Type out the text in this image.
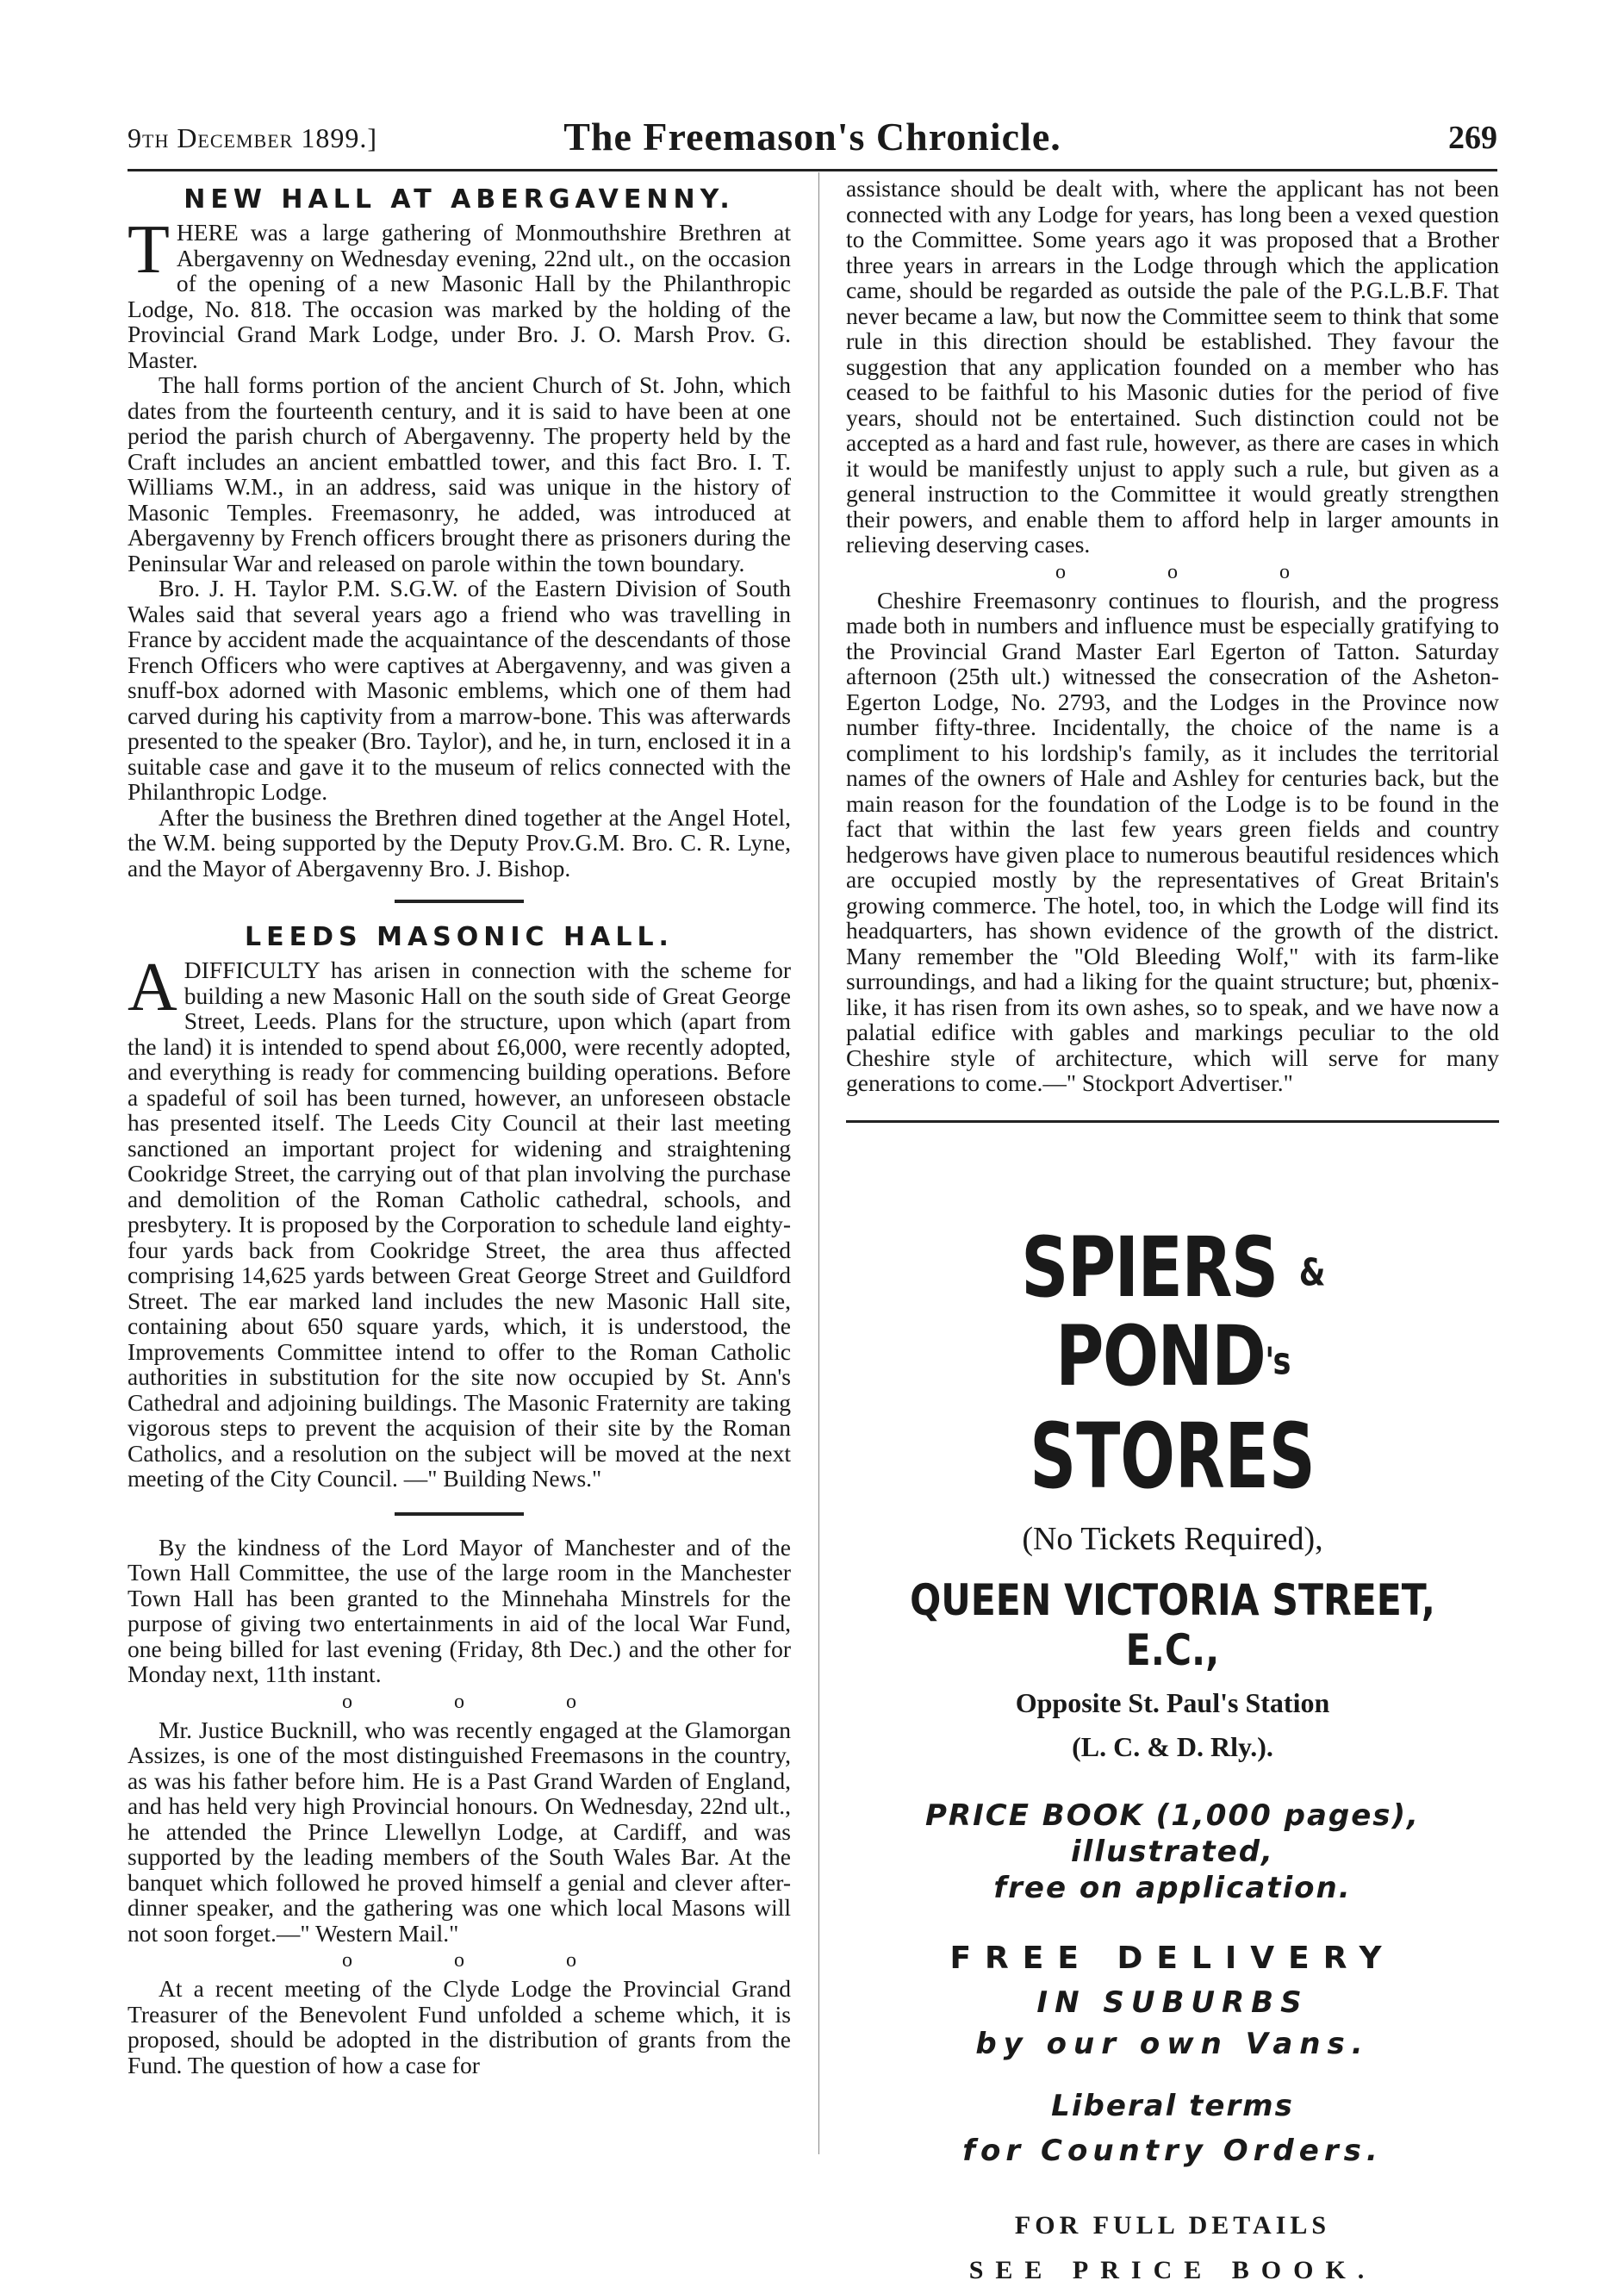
9th December 1899.]	The Freemason's Chronicle.	269
NEW HALL AT ABERGAVENNY.

THERE was a large gathering of Monmouthshire Brethren at Abergavenny on Wednesday evening, 22nd ult., on the occasion of the opening of a new Masonic Hall by the Philanthropic Lodge, No. 818. The occasion was marked by the holding of the Provincial Grand Mark Lodge, under Bro. J. O. Marsh Prov. G. Master.

The hall forms portion of the ancient Church of St. John, which dates from the fourteenth century, and it is said to have been at one period the parish church of Abergavenny. The property held by the Craft includes an ancient embattled tower, and this fact Bro. I. T. Williams W.M., in an address, said was unique in the history of Masonic Temples. Freemasonry, he added, was introduced at Abergavenny by French officers brought there as prisoners during the Peninsular War and released on parole within the town boundary.

Bro. J. H. Taylor P.M. S.G.W. of the Eastern Division of South Wales said that several years ago a friend who was travelling in France by accident made the acquaintance of the descendants of those French Officers who were captives at Abergavenny, and was given a snuff-box adorned with Masonic emblems, which one of them had carved during his captivity from a marrow-bone. This was afterwards presented to the speaker (Bro. Taylor), and he, in turn, enclosed it in a suitable case and gave it to the museum of relics connected with the Philanthropic Lodge.

After the business the Brethren dined together at the Angel Hotel, the W.M. being supported by the Deputy Prov.G.M. Bro. C. R. Lyne, and the Mayor of Abergavenny Bro. J. Bishop.

LEEDS MASONIC HALL.

ADIFFICULTY has arisen in connection with the scheme for building a new Masonic Hall on the south side of Great George Street, Leeds. Plans for the structure, upon which (apart from the land) it is intended to spend about £6,000, were recently adopted, and everything is ready for commencing building operations. Before a spadeful of soil has been turned, however, an unforeseen obstacle has presented itself. The Leeds City Council at their last meeting sanctioned an important project for widening and straightening Cookridge Street, the carrying out of that plan involving the purchase and demolition of the Roman Catholic cathedral, schools, and presbytery. It is proposed by the Corporation to schedule land eighty-four yards back from Cookridge Street, the area thus affected comprising 14,625 yards between Great George Street and Guildford Street. The ear marked land includes the new Masonic Hall site, containing about 650 square yards, which, it is understood, the Improvements Committee intend to offer to the Roman Catholic authorities in substitution for the site now occupied by St. Ann's Cathedral and adjoining buildings. The Masonic Fraternity are taking vigorous steps to prevent the acquision of their site by the Roman Catholics, and a resolution on the subject will be moved at the next meeting of the City Council. —" Building News."

By the kindness of the Lord Mayor of Manchester and of the Town Hall Committee, the use of the large room in the Manchester Town Hall has been granted to the Minnehaha Minstrels for the purpose of giving two entertainments in aid of the local War Fund, one being billed for last evening (Friday, 8th Dec.) and the other for Monday next, 11th instant.

o o o

Mr. Justice Bucknill, who was recently engaged at the Glamorgan Assizes, is one of the most distinguished Freemasons in the country, as was his father before him. He is a Past Grand Warden of England, and has held very high Provincial honours. On Wednesday, 22nd ult., he attended the Prince Llewellyn Lodge, at Cardiff, and was supported by the leading members of the South Wales Bar. At the banquet which followed he proved himself a genial and clever after-dinner speaker, and the gathering was one which local Masons will not soon forget.—" Western Mail."

o o o

At a recent meeting of the Clyde Lodge the Provincial Grand Treasurer of the Benevolent Fund unfolded a scheme which, it is proposed, should be adopted in the distribution of grants from the Fund. The question of how a case for

assistance should be dealt with, where the applicant has not been connected with any Lodge for years, has long been a vexed question to the Committee. Some years ago it was proposed that a Brother three years in arrears in the Lodge through which the application came, should be regarded as outside the pale of the P.G.L.B.F. That never became a law, but now the Committee seem to think that some rule in this direction should be established. They favour the suggestion that any application founded on a member who has ceased to be faithful to his Masonic duties for the period of five years, should not be entertained. Such distinction could not be accepted as a hard and fast rule, however, as there are cases in which it would be manifestly unjust to apply such a rule, but given as a general instruction to the Committee it would greatly strengthen their powers, and enable them to afford help in larger amounts in relieving deserving cases.

o o o

Cheshire Freemasonry continues to flourish, and the progress made both in numbers and influence must be especially gratifying to the Provincial Grand Master Earl Egerton of Tatton. Saturday afternoon (25th ult.) witnessed the consecration of the Asheton-Egerton Lodge, No. 2793, and the Lodges in the Province now number fifty-three. Incidentally, the choice of the name is a compliment to his lordship's family, as it includes the territorial names of the owners of Hale and Ashley for centuries back, but the main reason for the foundation of the Lodge is to be found in the fact that within the last few years green fields and country hedgerows have given place to numerous beautiful residences which are occupied mostly by the representatives of Great Britain's growing commerce. The hotel, too, in which the Lodge will find its headquarters, has shown evidence of the growth of the district. Many remember the "Old Bleeding Wolf," with its farm-like surroundings, and had a liking for the quaint structure; but, phœnix-like, it has risen from its own ashes, so to speak, and we have now a palatial edifice with gables and markings peculiar to the old Cheshire style of architecture, which will serve for many generations to come.—" Stockport Advertiser."

SPIERS & POND's
STORES
(No Tickets Required),
QUEEN VICTORIA STREET, E.C.,
Opposite St. Paul's Station
(L. C. & D. Rly.).
PRICE BOOK (1,000 pages),
illustrated,
free on application.
FREE DELIVERY
IN SUBURBS
by our own Vans.
Liberal terms
for Country Orders.
FOR FULL DETAILS
SEE PRICE BOOK.
